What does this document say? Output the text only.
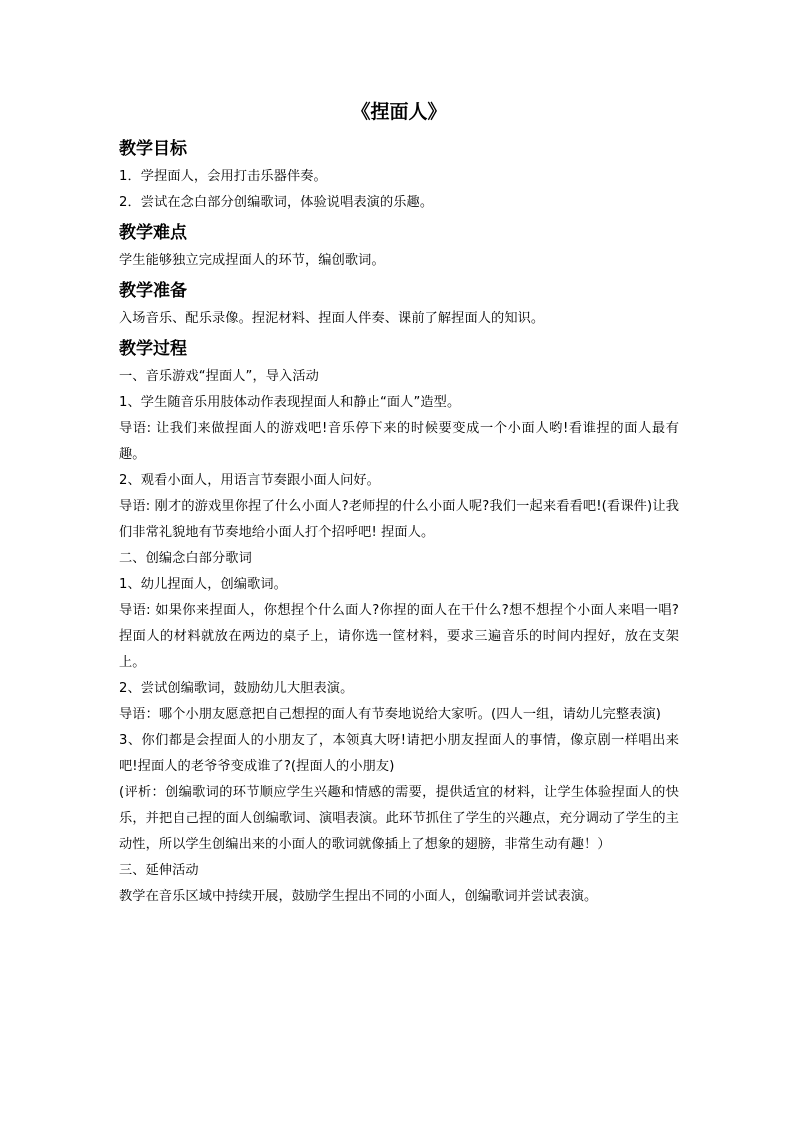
《捏面人》
教学目标

1．学捏面人，会用打击乐器伴奏。

2．尝试在念白部分创编歌词，体验说唱表演的乐趣。

教学难点

学生能够独立完成捏面人的环节，编创歌词。

教学准备

入场音乐、配乐录像。捏泥材料、捏面人伴奏、课前了解捏面人的知识。

教学过程

一、音乐游戏“捏面人”，导入活动

1、学生随音乐用肢体动作表现捏面人和静止“面人”造型。

导语: 让我们来做捏面人的游戏吧!音乐停下来的时候要变成一个小面人哟!看谁捏的面人最有趣。

2、观看小面人，用语言节奏跟小面人问好。

导语: 刚才的游戏里你捏了什么小面人?老师捏的什么小面人呢?我们一起来看看吧!(看课件)让我们非常礼貌地有节奏地给小面人打个招呼吧! 捏面人。

二、创编念白部分歌词

1、幼儿捏面人，创编歌词。

导语: 如果你来捏面人，你想捏个什么面人?你捏的面人在干什么?想不想捏个小面人来唱一唱?捏面人的材料就放在两边的桌子上，请你选一筐材料，要求三遍音乐的时间内捏好，放在支架上。

2、尝试创编歌词，鼓励幼儿大胆表演。

导语：哪个小朋友愿意把自己想捏的面人有节奏地说给大家听。(四人一组，请幼儿完整表演)

3、你们都是会捏面人的小朋友了，本领真大呀!请把小朋友捏面人的事情，像京剧一样唱出来吧!捏面人的老爷爷变成谁了?(捏面人的小朋友)

(评析：创编歌词的环节顺应学生兴趣和情感的需要，提供适宜的材料，让学生体验捏面人的快乐，并把自己捏的面人创编歌词、演唱表演。此环节抓住了学生的兴趣点，充分调动了学生的主动性，所以学生创编出来的小面人的歌词就像插上了想象的翅膀，非常生动有趣！）

三、延伸活动

教学在音乐区域中持续开展，鼓励学生捏出不同的小面人，创编歌词并尝试表演。
